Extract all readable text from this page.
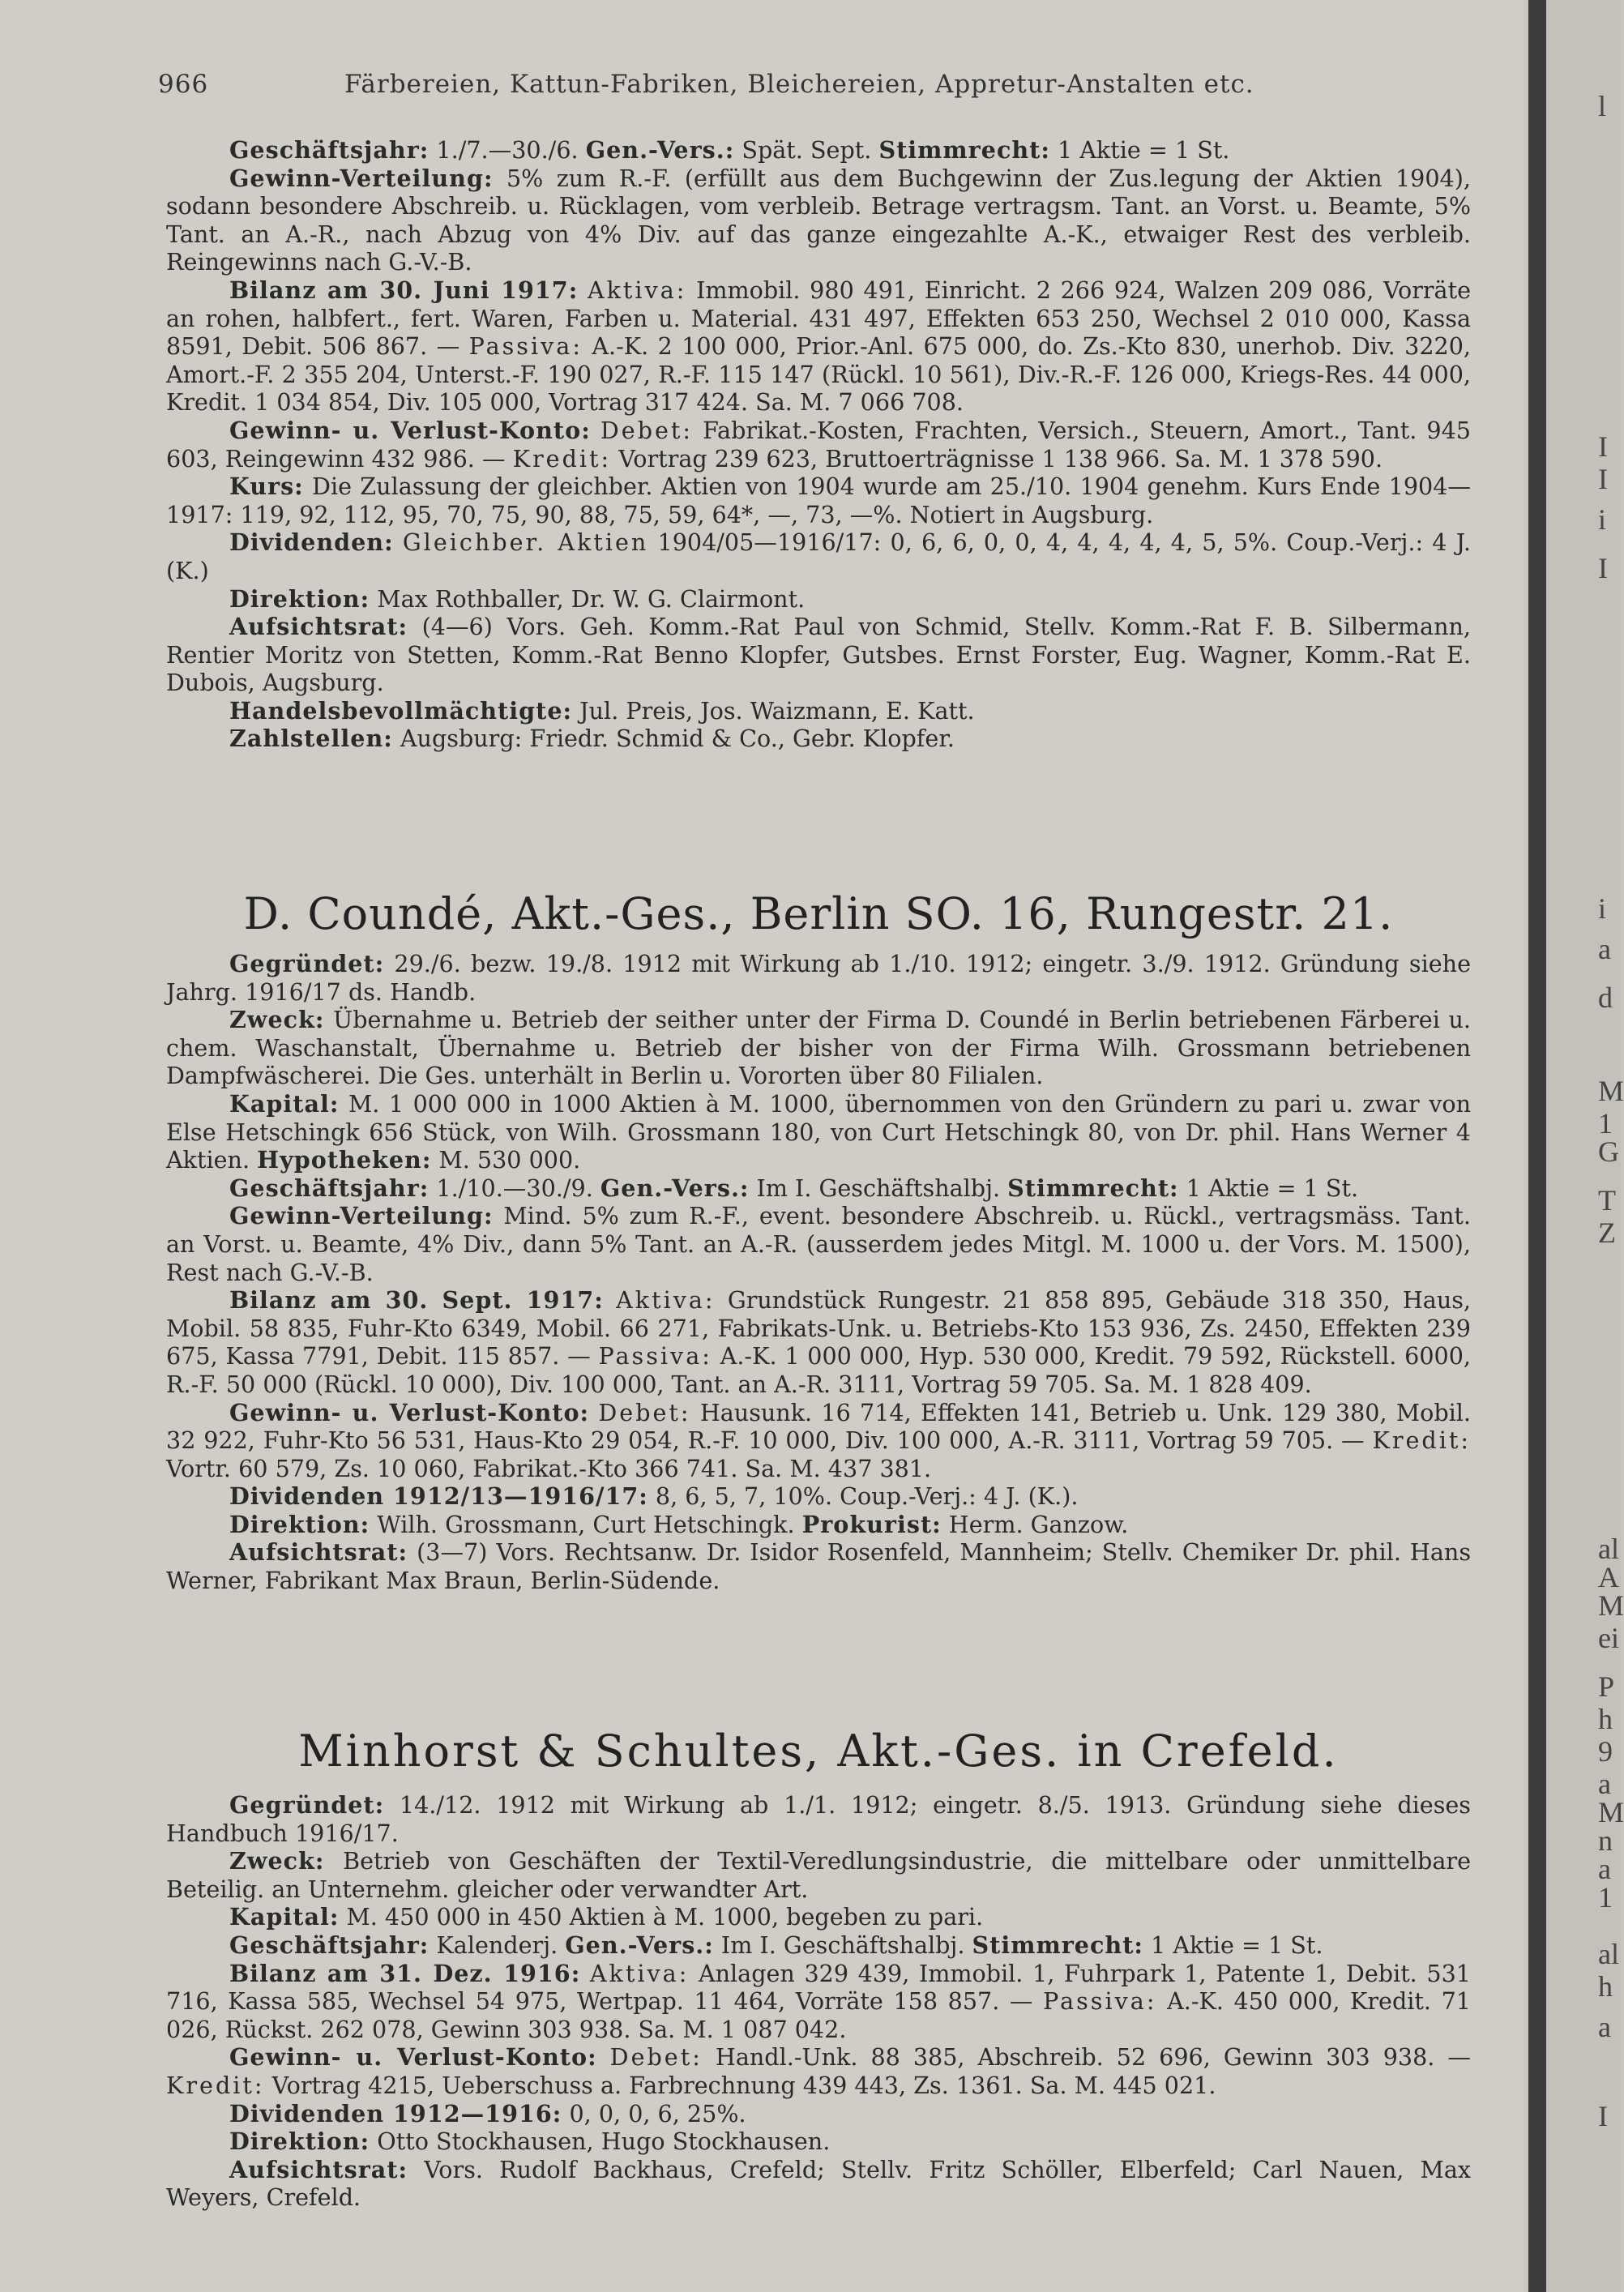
966	Färbereien, Kattun-Fabriken, Bleichereien, Appretur-Anstalten etc.

Geschäftsjahr: 1./7.—30./6. Gen.-Vers.: Spät. Sept. Stimmrecht: 1 Aktie = 1 St.

Gewinn-Verteilung: 5% zum R.-F. (erfüllt aus dem Buchgewinn der Zus.legung der Aktien 1904), sodann besondere Abschreib. u. Rücklagen, vom verbleib. Betrage vertragsm. Tant. an Vorst. u. Beamte, 5% Tant. an A.-R., nach Abzug von 4% Div. auf das ganze eingezahlte A.-K., etwaiger Rest des verbleib. Reingewinns nach G.-V.-B.

Bilanz am 30. Juni 1917: Aktiva: Immobil. 980 491, Einricht. 2 266 924, Walzen 209 086, Vorräte an rohen, halbfert., fert. Waren, Farben u. Material. 431 497, Effekten 653 250, Wechsel 2 010 000, Kassa 8591, Debit. 506 867. — Passiva: A.-K. 2 100 000, Prior.-Anl. 675 000, do. Zs.-Kto 830, unerhob. Div. 3220, Amort.-F. 2 355 204, Unterst.-F. 190 027, R.-F. 115 147 (Rückl. 10 561), Div.-R.-F. 126 000, Kriegs-Res. 44 000, Kredit. 1 034 854, Div. 105 000, Vortrag 317 424. Sa. M. 7 066 708.

Gewinn- u. Verlust-Konto: Debet: Fabrikat.-Kosten, Frachten, Versich., Steuern, Amort., Tant. 945 603, Reingewinn 432 986. — Kredit: Vortrag 239 623, Bruttoerträgnisse 1 138 966. Sa. M. 1 378 590.

Kurs: Die Zulassung der gleichber. Aktien von 1904 wurde am 25./10. 1904 genehm. Kurs Ende 1904—1917: 119, 92, 112, 95, 70, 75, 90, 88, 75, 59, 64*, —, 73, —%. Notiert in Augsburg.

Dividenden: Gleichber. Aktien 1904/05—1916/17: 0, 6, 6, 0, 0, 4, 4, 4, 4, 4, 5, 5%. Coup.-Verj.: 4 J. (K.)

Direktion: Max Rothballer, Dr. W. G. Clairmont.

Aufsichtsrat: (4—6) Vors. Geh. Komm.-Rat Paul von Schmid, Stellv. Komm.-Rat F. B. Silbermann, Rentier Moritz von Stetten, Komm.-Rat Benno Klopfer, Gutsbes. Ernst Forster, Eug. Wagner, Komm.-Rat E. Dubois, Augsburg.

Handelsbevollmächtigte: Jul. Preis, Jos. Waizmann, E. Katt.

Zahlstellen: Augsburg: Friedr. Schmid & Co., Gebr. Klopfer.

D. Coundé, Akt.-Ges., Berlin SO. 16, Rungestr. 21.

Gegründet: 29./6. bezw. 19./8. 1912 mit Wirkung ab 1./10. 1912; eingetr. 3./9. 1912. Gründung siehe Jahrg. 1916/17 ds. Handb.

Zweck: Übernahme u. Betrieb der seither unter der Firma D. Coundé in Berlin betriebenen Färberei u. chem. Waschanstalt, Übernahme u. Betrieb der bisher von der Firma Wilh. Grossmann betriebenen Dampfwäscherei. Die Ges. unterhält in Berlin u. Vororten über 80 Filialen.

Kapital: M. 1 000 000 in 1000 Aktien à M. 1000, übernommen von den Gründern zu pari u. zwar von Else Hetschingk 656 Stück, von Wilh. Grossmann 180, von Curt Hetschingk 80, von Dr. phil. Hans Werner 4 Aktien. Hypotheken: M. 530 000.

Geschäftsjahr: 1./10.—30./9. Gen.-Vers.: Im I. Geschäftshalbj. Stimmrecht: 1 Aktie = 1 St.

Gewinn-Verteilung: Mind. 5% zum R.-F., event. besondere Abschreib. u. Rückl., vertragsmäss. Tant. an Vorst. u. Beamte, 4% Div., dann 5% Tant. an A.-R. (ausserdem jedes Mitgl. M. 1000 u. der Vors. M. 1500), Rest nach G.-V.-B.

Bilanz am 30. Sept. 1917: Aktiva: Grundstück Rungestr. 21 858 895, Gebäude 318 350, Haus, Mobil. 58 835, Fuhr-Kto 6349, Mobil. 66 271, Fabrikats-Unk. u. Betriebs-Kto 153 936, Zs. 2450, Effekten 239 675, Kassa 7791, Debit. 115 857. — Passiva: A.-K. 1 000 000, Hyp. 530 000, Kredit. 79 592, Rückstell. 6000, R.-F. 50 000 (Rückl. 10 000), Div. 100 000, Tant. an A.-R. 3111, Vortrag 59 705. Sa. M. 1 828 409.

Gewinn- u. Verlust-Konto: Debet: Hausunk. 16 714, Effekten 141, Betrieb u. Unk. 129 380, Mobil. 32 922, Fuhr-Kto 56 531, Haus-Kto 29 054, R.-F. 10 000, Div. 100 000, A.-R. 3111, Vortrag 59 705. — Kredit: Vortr. 60 579, Zs. 10 060, Fabrikat.-Kto 366 741. Sa. M. 437 381.

Dividenden 1912/13—1916/17: 8, 6, 5, 7, 10%. Coup.-Verj.: 4 J. (K.).

Direktion: Wilh. Grossmann, Curt Hetschingk. Prokurist: Herm. Ganzow.

Aufsichtsrat: (3—7) Vors. Rechtsanw. Dr. Isidor Rosenfeld, Mannheim; Stellv. Chemiker Dr. phil. Hans Werner, Fabrikant Max Braun, Berlin-Südende.

Minhorst & Schultes, Akt.-Ges. in Crefeld.

Gegründet: 14./12. 1912 mit Wirkung ab 1./1. 1912; eingetr. 8./5. 1913. Gründung siehe dieses Handbuch 1916/17.

Zweck: Betrieb von Geschäften der Textil-Veredlungsindustrie, die mittelbare oder unmittelbare Beteilig. an Unternehm. gleicher oder verwandter Art.

Kapital: M. 450 000 in 450 Aktien à M. 1000, begeben zu pari.

Geschäftsjahr: Kalenderj. Gen.-Vers.: Im I. Geschäftshalbj. Stimmrecht: 1 Aktie = 1 St.

Bilanz am 31. Dez. 1916: Aktiva: Anlagen 329 439, Immobil. 1, Fuhrpark 1, Patente 1, Debit. 531 716, Kassa 585, Wechsel 54 975, Wertpap. 11 464, Vorräte 158 857. — Passiva: A.-K. 450 000, Kredit. 71 026, Rückst. 262 078, Gewinn 303 938. Sa. M. 1 087 042.

Gewinn- u. Verlust-Konto: Debet: Handl.-Unk. 88 385, Abschreib. 52 696, Gewinn 303 938. — Kredit: Vortrag 4215, Ueberschuss a. Farbrechnung 439 443, Zs. 1361. Sa. M. 445 021.

Dividenden 1912—1916: 0, 0, 0, 6, 25%.

Direktion: Otto Stockhausen, Hugo Stockhausen.

Aufsichtsrat: Vors. Rudolf Backhaus, Crefeld; Stellv. Fritz Schöller, Elberfeld; Carl Nauen, Max Weyers, Crefeld.

l
I
I
i
I
i
a
d
M
1
G
T
Z
al
A
M
ei
P
h
9
a
M
n
a
1
al
h
a
I
